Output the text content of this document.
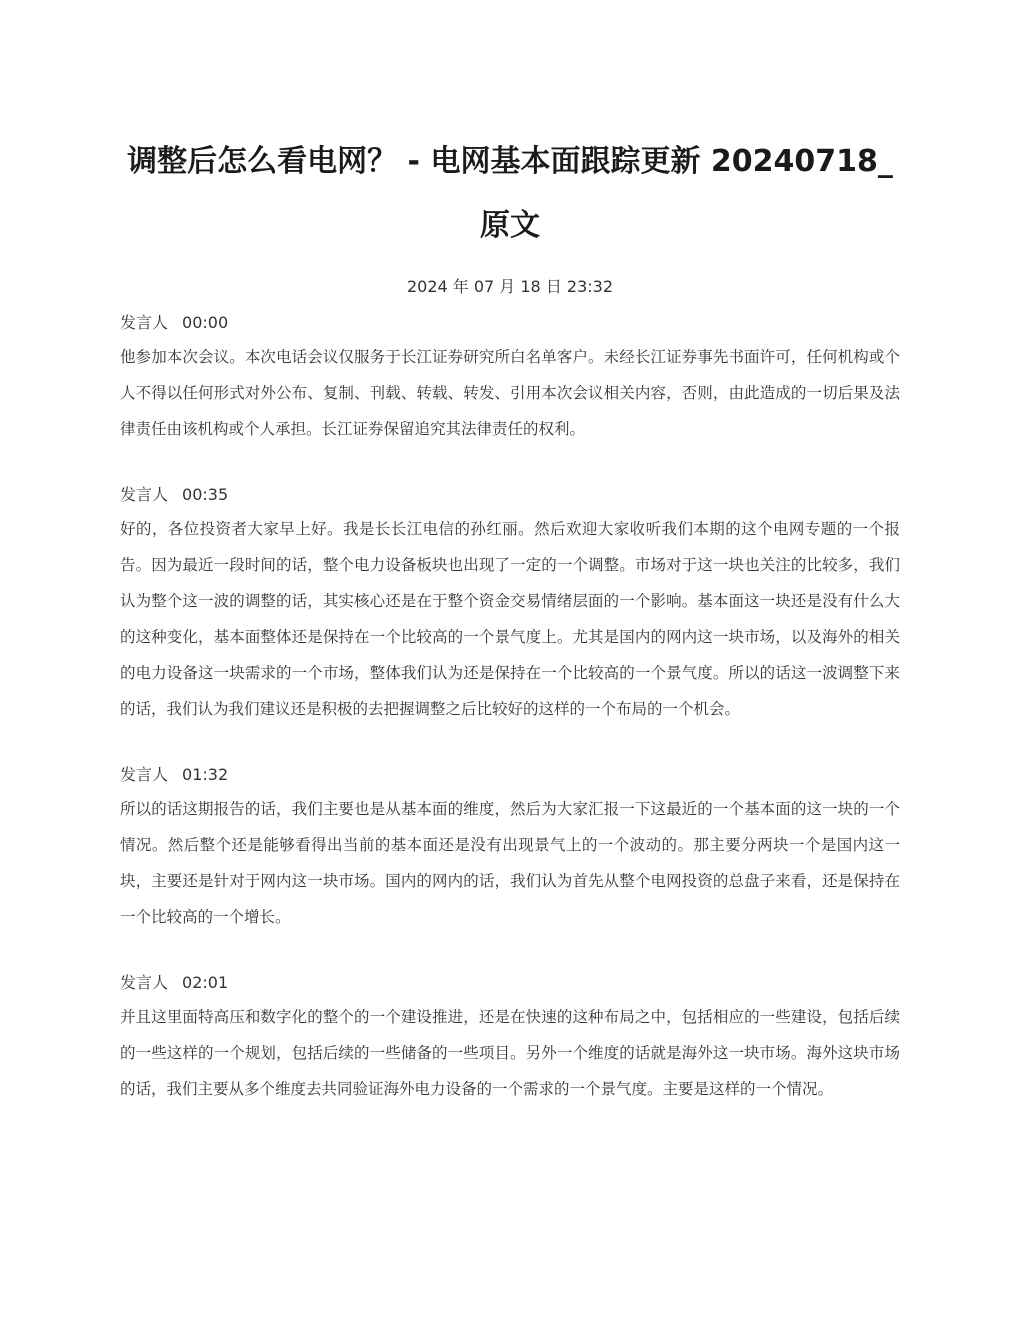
调整后怎么看电网？ - 电网基本面跟踪更新 20240718_原文
2024 年 07 月 18 日 23:32
发言人 00:00

他参加本次会议。本次电话会议仅服务于长江证券研究所白名单客户。未经长江证券事先书面许可，任何机构或个人不得以任何形式对外公布、复制、刊载、转载、转发、引用本次会议相关内容，否则，由此造成的一切后果及法律责任由该机构或个人承担。长江证券保留追究其法律责任的权利。

发言人 00:35

好的，各位投资者大家早上好。我是长长江电信的孙红丽。然后欢迎大家收听我们本期的这个电网专题的一个报告。因为最近一段时间的话，整个电力设备板块也出现了一定的一个调整。市场对于这一块也关注的比较多，我们认为整个这一波的调整的话，其实核心还是在于整个资金交易情绪层面的一个影响。基本面这一块还是没有什么大的这种变化，基本面整体还是保持在一个比较高的一个景气度上。尤其是国内的网内这一块市场，以及海外的相关的电力设备这一块需求的一个市场，整体我们认为还是保持在一个比较高的一个景气度。所以的话这一波调整下来的话，我们认为我们建议还是积极的去把握调整之后比较好的这样的一个布局的一个机会。

发言人 01:32

所以的话这期报告的话，我们主要也是从基本面的维度，然后为大家汇报一下这最近的一个基本面的这一块的一个情况。然后整个还是能够看得出当前的基本面还是没有出现景气上的一个波动的。那主要分两块一个是国内这一块，主要还是针对于网内这一块市场。国内的网内的话，我们认为首先从整个电网投资的总盘子来看，还是保持在一个比较高的一个增长。

发言人 02:01

并且这里面特高压和数字化的整个的一个建设推进，还是在快速的这种布局之中，包括相应的一些建设，包括后续的一些这样的一个规划，包括后续的一些储备的一些项目。另外一个维度的话就是海外这一块市场。海外这块市场的话，我们主要从多个维度去共同验证海外电力设备的一个需求的一个景气度。主要是这样的一个情况。
